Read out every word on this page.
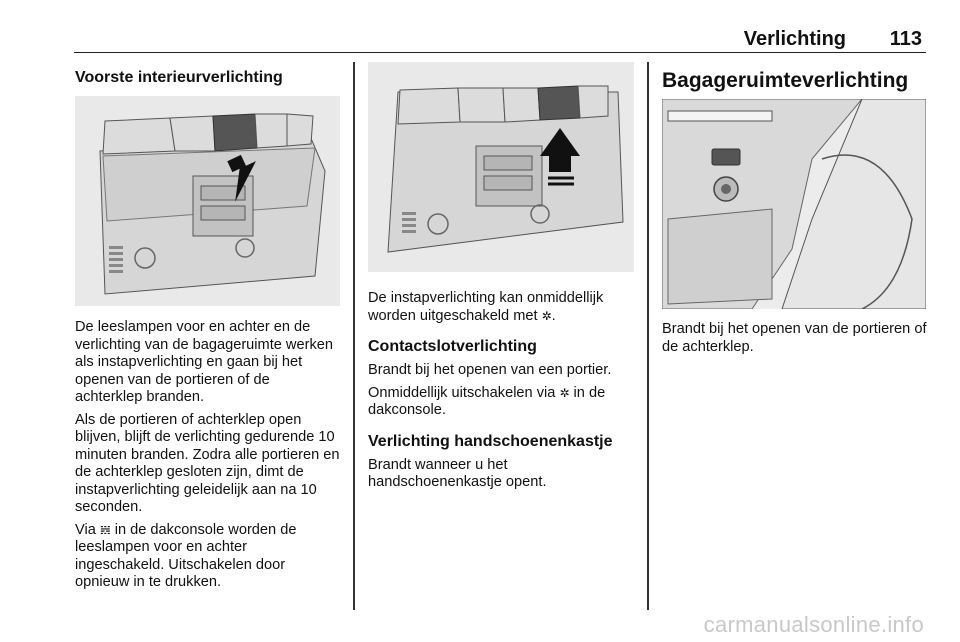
Verlichting 113
Voorste interieurverlichting

De leeslampen voor en achter en de verlichting van de bagageruimte werken als instapverlichting en gaan bij het openen van de portieren of de achterklep branden.

Als de portieren of achterklep open blijven, blijft de verlichting gedurende 10 minuten branden. Zodra alle portieren en de achterklep gesloten zijn, dimt de instapverlichting geleidelijk aan na 10 seconden.

Via 𝍁 in de dakconsole worden de leeslampen voor en achter ingeschakeld. Uitschakelen door opnieuw in te drukken.

De instapverlichting kan onmiddellijk worden uitgeschakeld met ✲.

Contactslotverlichting

Brandt bij het openen van een portier.

Onmiddellijk uitschakelen via ✲ in de dakconsole.

Verlichting handschoenenkastje

Brandt wanneer u het handschoenenkastje opent.

Bagageruimteverlichting

Brandt bij het openen van de portieren of de achterklep.

carmanualsonline.info
